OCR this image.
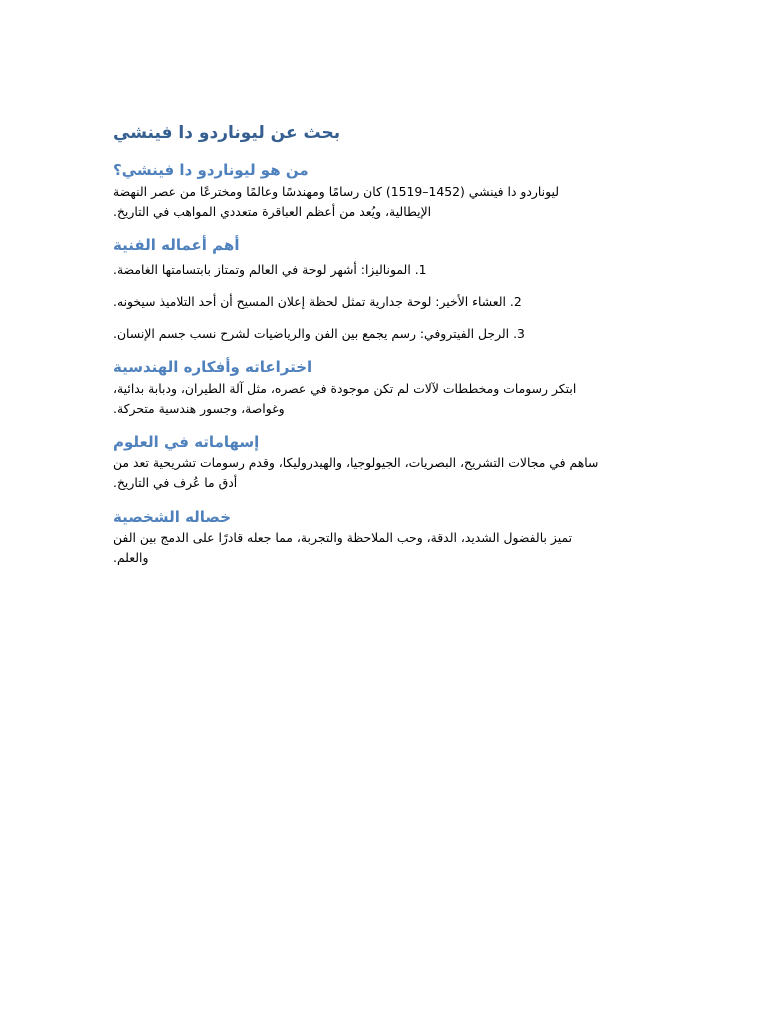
بحث عن ليوناردو دا فينشي
من هو ليوناردو دا فينشي؟
ليوناردو دا فينشي (1452–1519) كان رسامًا ومهندسًا وعالمًا ومخترعًا من عصر النهضة
الإيطالية، ويُعد من أعظم العباقرة متعددي المواهب في التاريخ.
أهم أعماله الفنية
1. الموناليزا: أشهر لوحة في العالم وتمتاز بابتسامتها الغامضة.
2. العشاء الأخير: لوحة جدارية تمثل لحظة إعلان المسيح أن أحد التلاميذ سيخونه.
3. الرجل الفيتروفي: رسم يجمع بين الفن والرياضيات لشرح نسب جسم الإنسان.
اختراعاته وأفكاره الهندسية
ابتكر رسومات ومخططات لآلات لم تكن موجودة في عصره، مثل آلة الطيران، ودبابة بدائية،
وغواصة، وجسور هندسية متحركة.
إسهاماته في العلوم
ساهم في مجالات التشريح، البصريات، الجيولوجيا، والهيدروليكا، وقدم رسومات تشريحية تعد من
أدق ما عُرف في التاريخ.
خصاله الشخصية
تميز بالفضول الشديد، الدقة، وحب الملاحظة والتجربة، مما جعله قادرًا على الدمج بين الفن
والعلم.
